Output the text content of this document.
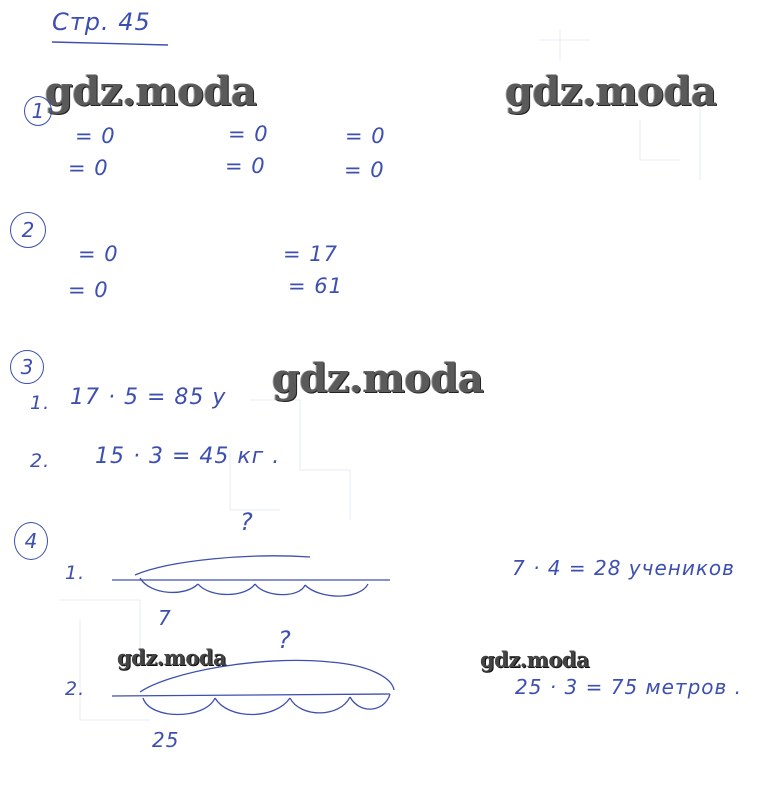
Стр. 45
gdz.moda	gdz.moda
gdz.moda
gdz.moda	gdz.moda
1
= 0	= 0	= 0
= 0	= 0	= 0
2
= 0	= 17
= 0	= 61
3
1. 17 · 5 = 85 у
2. 15 · 3 = 45 кг .
4
?
1.
7
7 · 4 = 28 учеников
?
2.
25
25 · 3 = 75 метров .
